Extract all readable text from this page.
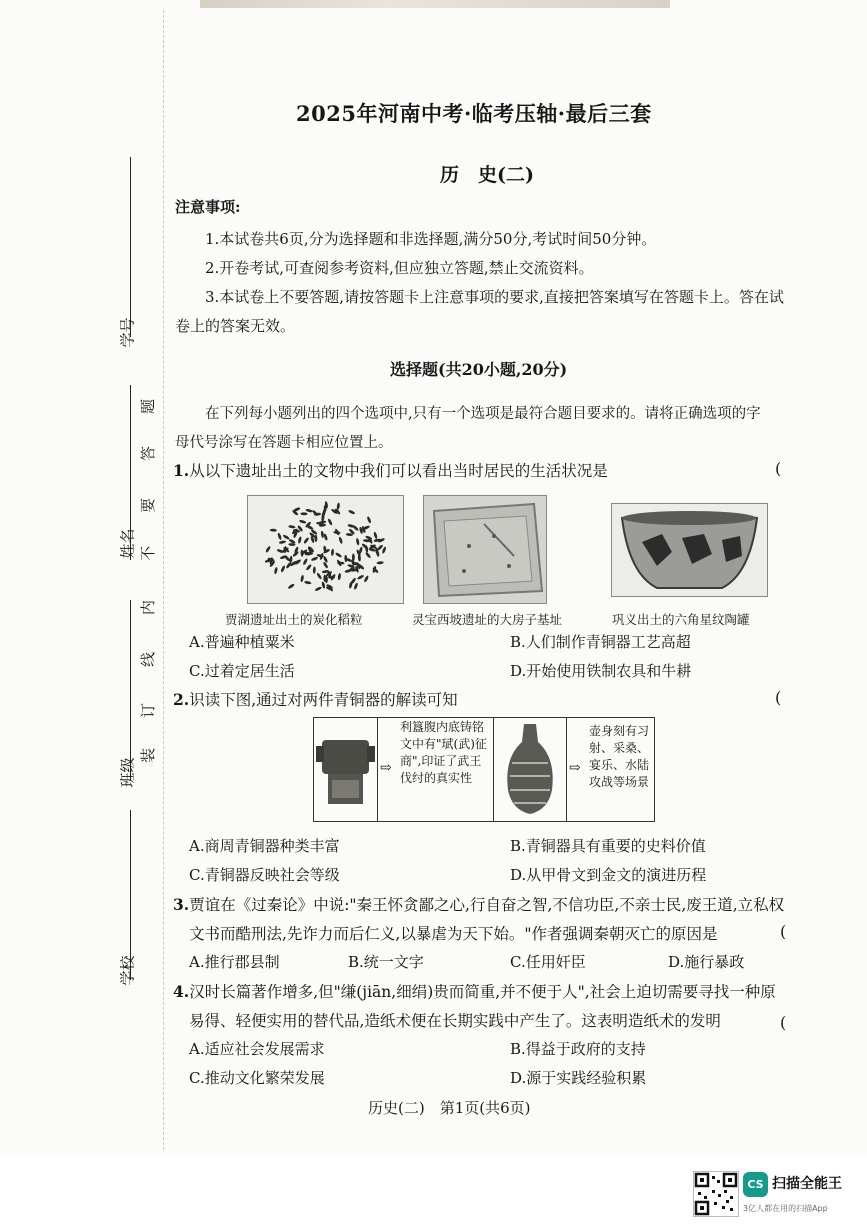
学号
姓名
班级
学校
题
答
要
不
内
线
订
装
2025年河南中考·临考压轴·最后三套
历　史(二)
注意事项:
1.本试卷共6页,分为选择题和非选择题,满分50分,考试时间50分钟。
2.开卷考试,可查阅参考资料,但应独立答题,禁止交流资料。
3.本试卷上不要答题,请按答题卡上注意事项的要求,直接把答案填写在答题卡上。答在试
卷上的答案无效。
选择题(共20小题,20分)
在下列每小题列出的四个选项中,只有一个选项是最符合题目要求的。请将正确选项的字
母代号涂写在答题卡相应位置上。
1.从以下遗址出土的文物中我们可以看出当时居民的生活状况是	(
贾湖遗址出土的炭化稻粒	灵宝西坡遗址的大房子基址	巩义出土的六角星纹陶罐
A.普遍种植粟米	B.人们制作青铜器工艺高超
C.过着定居生活	D.开始使用铁制农具和牛耕
2.识读下图,通过对两件青铜器的解读可知	(
⇨
利簋腹内底铸铭文中有"珷(武)征商",印证了武王伐纣的真实性
⇨
壶身刻有习射、采桑、宴乐、水陆攻战等场景
A.商周青铜器种类丰富	B.青铜器具有重要的史料价值
C.青铜器反映社会等级	D.从甲骨文到金文的演进历程
3.贾谊在《过秦论》中说:"秦王怀贪鄙之心,行自奋之智,不信功臣,不亲士民,废王道,立私权
文书而酷刑法,先诈力而后仁义,以暴虐为天下始。"作者强调秦朝灭亡的原因是	(
A.推行郡县制	B.统一文字	C.任用奸臣	D.施行暴政
4.汉时长篇著作增多,但"缣(jiān,细绢)贵而简重,并不便于人",社会上迫切需要寻找一种原
易得、轻便实用的替代品,造纸术便在长期实践中产生了。这表明造纸术的发明	(
A.适应社会发展需求	B.得益于政府的支持
C.推动文化繁荣发展	D.源于实践经验积累
历史(二)　第1页(共6页)
CS 扫描全能王
3亿人都在用的扫描App
